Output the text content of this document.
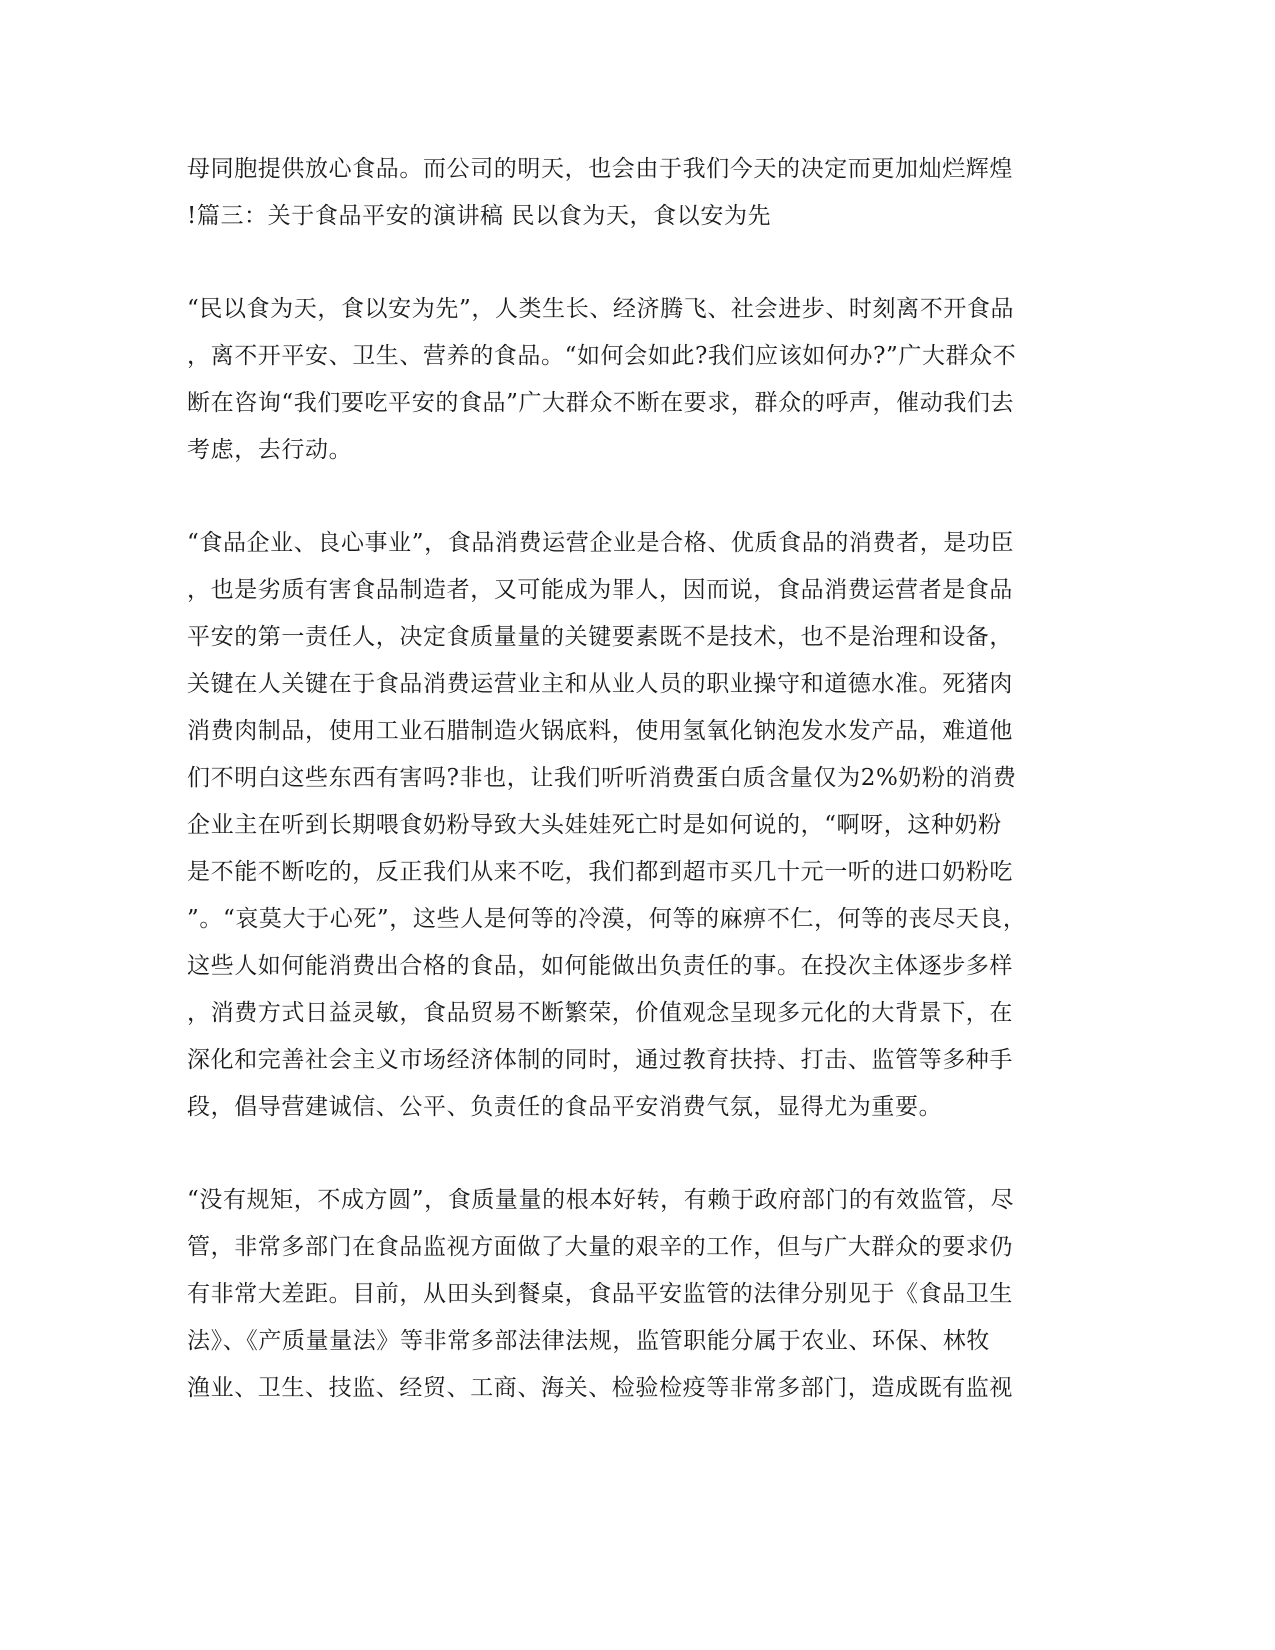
母同胞提供放心食品。而公司的明天，也会由于我们今天的决定而更加灿烂辉煌
!篇三：关于食品平安的演讲稿 民以食为天，食以安为先
“民以食为天，食以安为先”，人类生长、经济腾飞、社会进步、时刻离不开食品
，离不开平安、卫生、营养的食品。“如何会如此?我们应该如何办?”广大群众不
断在咨询“我们要吃平安的食品”广大群众不断在要求，群众的呼声，催动我们去
考虑，去行动。
“食品企业、良心事业”，食品消费运营企业是合格、优质食品的消费者，是功臣
，也是劣质有害食品制造者，又可能成为罪人，因而说，食品消费运营者是食品
平安的第一责任人，决定食质量量的关键要素既不是技术，也不是治理和设备，
关键在人关键在于食品消费运营业主和从业人员的职业操守和道德水准。死猪肉
消费肉制品，使用工业石腊制造火锅底料，使用氢氧化钠泡发水发产品，难道他
们不明白这些东西有害吗?非也，让我们听听消费蛋白质含量仅为2%奶粉的消费
企业主在听到长期喂食奶粉导致大头娃娃死亡时是如何说的，“啊呀，这种奶粉
是不能不断吃的，反正我们从来不吃，我们都到超市买几十元一听的进口奶粉吃
”。“哀莫大于心死”，这些人是何等的冷漠，何等的麻痹不仁，何等的丧尽天良，
这些人如何能消费出合格的食品，如何能做出负责任的事。在投次主体逐步多样
，消费方式日益灵敏，食品贸易不断繁荣，价值观念呈现多元化的大背景下，在
深化和完善社会主义市场经济体制的同时，通过教育扶持、打击、监管等多种手
段，倡导营建诚信、公平、负责任的食品平安消费气氛，显得尤为重要。
“没有规矩，不成方圆”，食质量量的根本好转，有赖于政府部门的有效监管，尽
管，非常多部门在食品监视方面做了大量的艰辛的工作，但与广大群众的要求仍
有非常大差距。目前，从田头到餐桌，食品平安监管的法律分别见于《食品卫生
法》、《产质量量法》等非常多部法律法规，监管职能分属于农业、环保、林牧
渔业、卫生、技监、经贸、工商、海关、检验检疫等非常多部门，造成既有监视
